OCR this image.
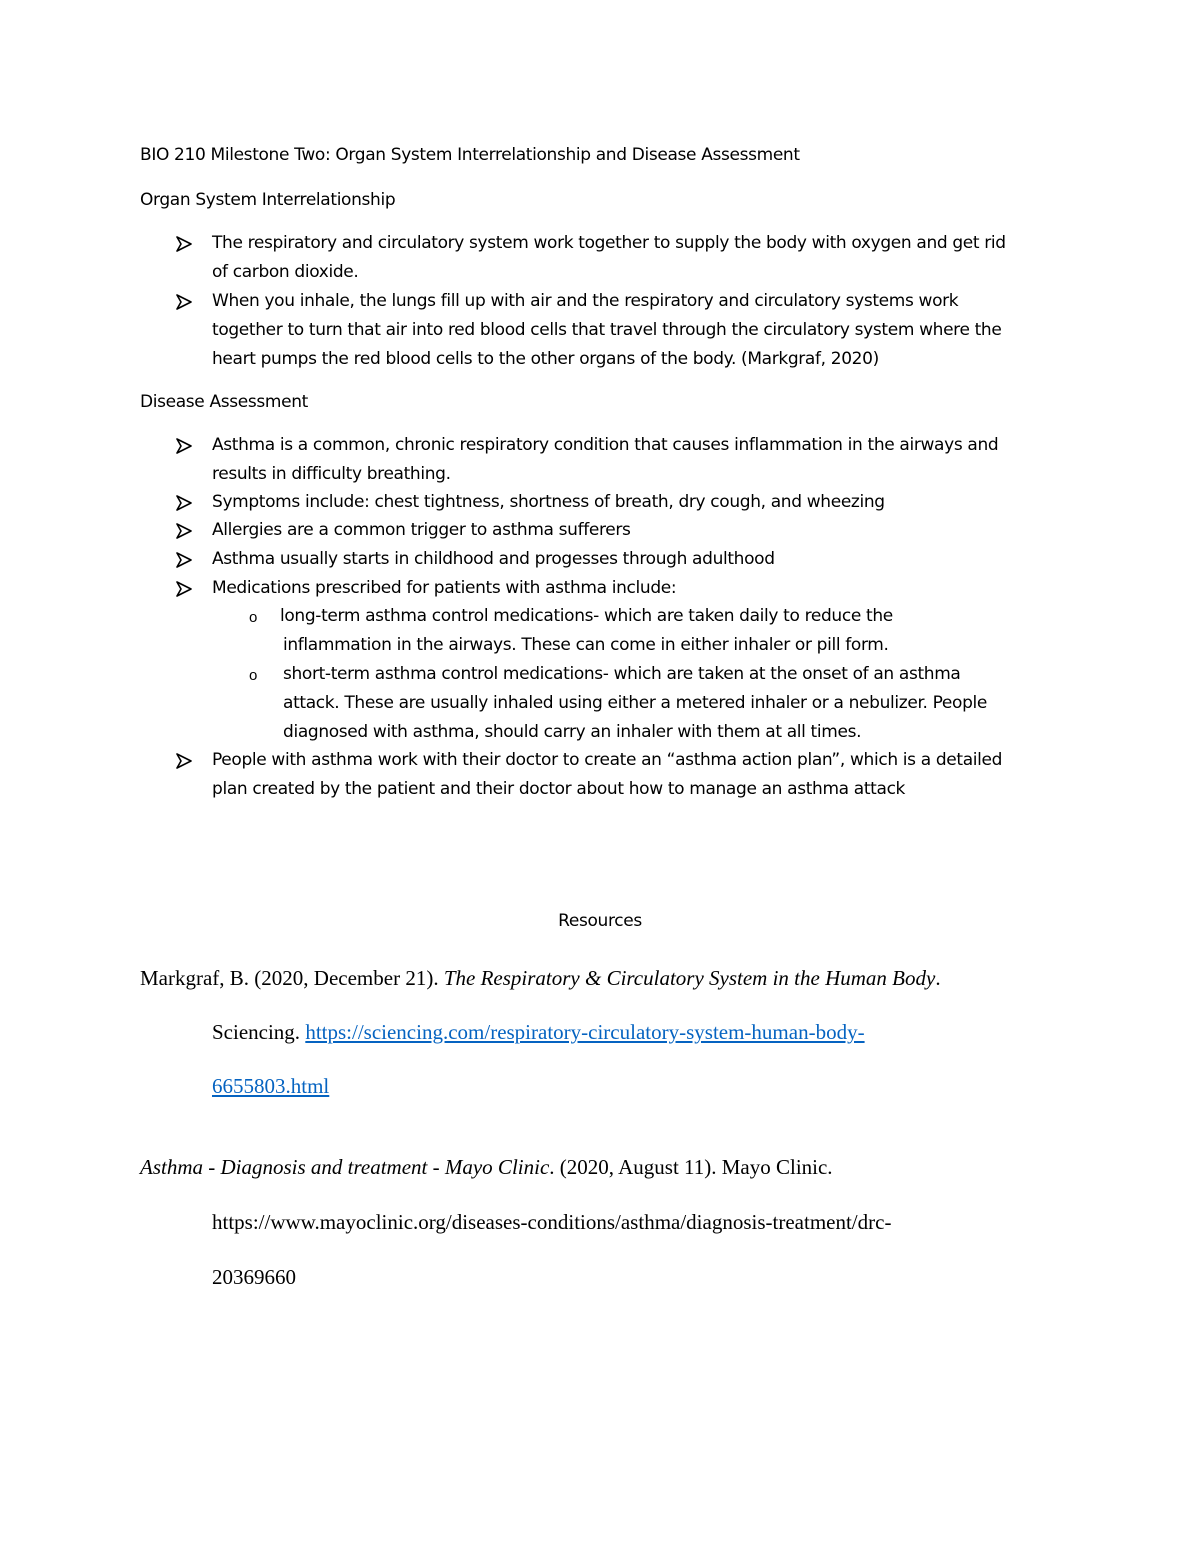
BIO 210 Milestone Two: Organ System Interrelationship and Disease Assessment
Organ System Interrelationship
The respiratory and circulatory system work together to supply the body with oxygen and get rid
of carbon dioxide.
When you inhale, the lungs fill up with air and the respiratory and circulatory systems work
together to turn that air into red blood cells that travel through the circulatory system where the
heart pumps the red blood cells to the other organs of the body. (Markgraf, 2020)
Disease Assessment
Asthma is a common, chronic respiratory condition that causes inflammation in the airways and
results in difficulty breathing.
Symptoms include: chest tightness, shortness of breath, dry cough, and wheezing
Allergies are a common trigger to asthma sufferers
Asthma usually starts in childhood and progesses through adulthood
Medications prescribed for patients with asthma include:
o long-term asthma control medications- which are taken daily to reduce the
inflammation in the airways. These can come in either inhaler or pill form.
o short-term asthma control medications- which are taken at the onset of an asthma
attack. These are usually inhaled using either a metered inhaler or a nebulizer. People
diagnosed with asthma, should carry an inhaler with them at all times.
People with asthma work with their doctor to create an “asthma action plan”, which is a detailed
plan created by the patient and their doctor about how to manage an asthma attack
Resources
Markgraf, B. (2020, December 21). The Respiratory & Circulatory System in the Human Body.
Sciencing. https://sciencing.com/respiratory-circulatory-system-human-body-
6655803.html
Asthma - Diagnosis and treatment - Mayo Clinic. (2020, August 11). Mayo Clinic.
https://www.mayoclinic.org/diseases-conditions/asthma/diagnosis-treatment/drc-
20369660
